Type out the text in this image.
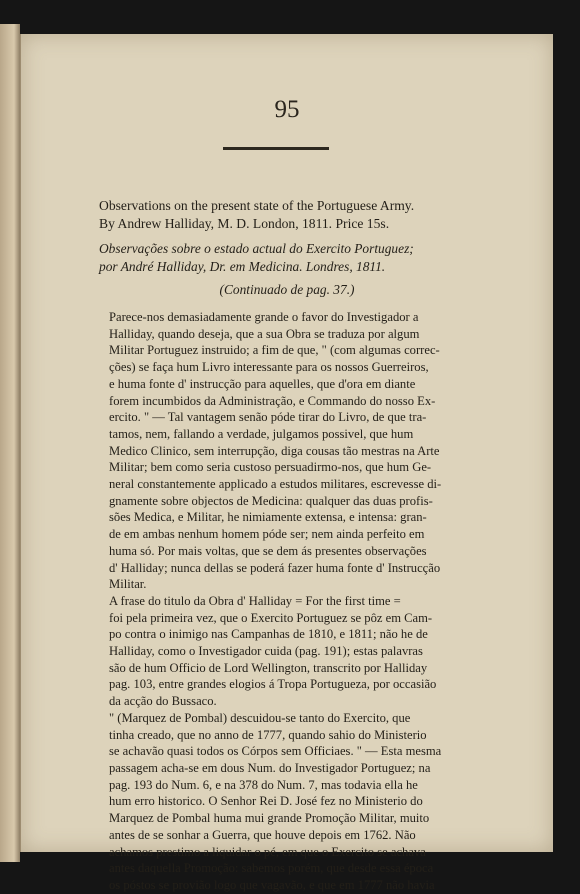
95
Observations on the present state of the Portuguese Army.
By Andrew Halliday, M. D. London, 1811. Price 15s.
Observações sobre o estado actual do Exercito Portuguez;
por André Halliday, Dr. em Medicina. Londres, 1811.
(Continuado de pag. 37.)

Parece-nos demasiadamente grande o favor do Investigador a
Halliday, quando deseja, que a sua Obra se traduza por algum
Militar Portuguez instruido; a fim de que, " (com algumas correc-
ções) se faça hum Livro interessante para os nossos Guerreiros,
e huma fonte d' instrucção para aquelles, que d'ora em diante
forem incumbidos da Administração, e Commando do nosso Ex-
ercito. " — Tal vantagem senão póde tirar do Livro, de que tra-
tamos, nem, fallando a verdade, julgamos possivel, que hum
Medico Clinico, sem interrupção, diga cousas tão mestras na Arte
Militar; bem como seria custoso persuadirmo-nos, que hum Ge-
neral constantemente applicado a estudos militares, escrevesse di-
gnamente sobre objectos de Medicina: qualquer das duas profis-
sões Medica, e Militar, he nimiamente extensa, e intensa: gran-
de em ambas nenhum homem póde ser; nem ainda perfeito em
huma só. Por mais voltas, que se dem ás presentes observações
d' Halliday; nunca dellas se poderá fazer huma fonte d' Instrucção
Militar.

A frase do titulo da Obra d' Halliday = For the first time =
foi pela primeira vez, que o Exercito Portuguez se pôz em Cam-
po contra o inimigo nas Campanhas de 1810, e 1811; não he de
Halliday, como o Investigador cuida (pag. 191); estas palavras
são de hum Officio de Lord Wellington, transcrito por Halliday
pag. 103, entre grandes elogios á Tropa Portugueza, por occasião
da acção do Bussaco.

" (Marquez de Pombal) descuidou-se tanto do Exercito, que
tinha creado, que no anno de 1777, quando sahio do Ministerio
se achavão quasi todos os Córpos sem Officiaes. " — Esta mesma
passagem acha-se em dous Num. do Investigador Portuguez; na
pag. 193 do Num. 6, e na 378 do Num. 7, mas todavia ella he
hum erro historico. O Senhor Rei D. José fez no Ministerio do
Marquez de Pombal huma mui grande Promoção Militar, muito
antes de se sonhar a Guerra, que houve depois em 1762. Não
achamos prestimo a liquidar o pé, em que o Exercito se achava
antes daquella Promoção: sabemos porém, que desde essa época
os póstos se provião logo que vagavão, e que em 1777 não havia
